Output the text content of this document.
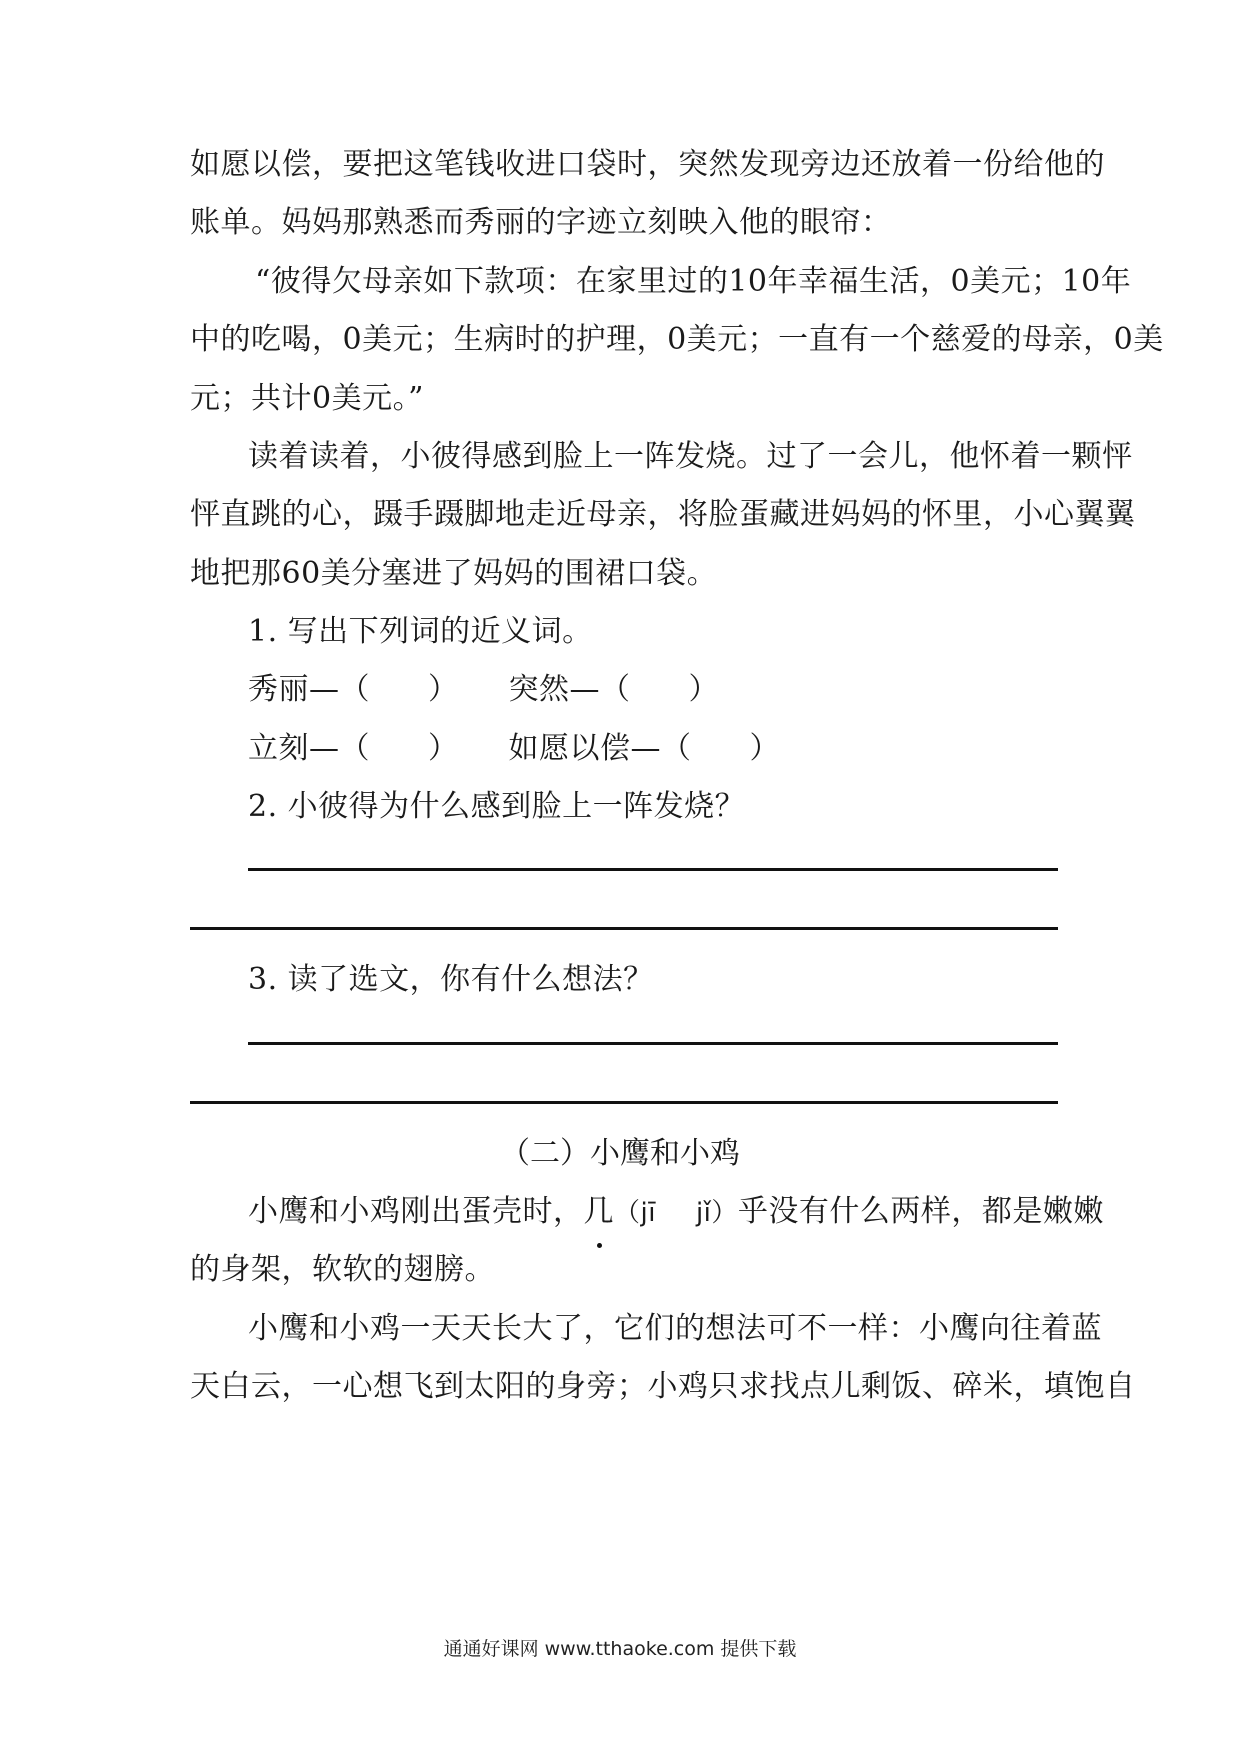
如愿以偿，要把这笔钱收进口袋时，突然发现旁边还放着一份给他的
账单。妈妈那熟悉而秀丽的字迹立刻映入他的眼帘：
“彼得欠母亲如下款项：在家里过的10年幸福生活，0美元；10年
中的吃喝，0美元；生病时的护理，0美元；一直有一个慈爱的母亲，0美
元；共计0美元。”
读着读着，小彼得感到脸上一阵发烧。过了一会儿，他怀着一颗怦
怦直跳的心，蹑手蹑脚地走近母亲，将脸蛋藏进妈妈的怀里，小心翼翼
地把那60美分塞进了妈妈的围裙口袋。
1. 写出下列词的近义词。
秀丽—（ ） 突然—（ ）
立刻—（ ） 如愿以偿—（ ）
2. 小彼得为什么感到脸上一阵发烧？
3. 读了选文，你有什么想法？
（二）小鹰和小鸡
小鹰和小鸡刚出蛋壳时，几（jī jǐ）乎没有什么两样，都是嫩嫩
的身架，软软的翅膀。
小鹰和小鸡一天天长大了，它们的想法可不一样：小鹰向往着蓝
天白云，一心想飞到太阳的身旁；小鸡只求找点儿剩饭、碎米，填饱自
通通好课网 www.tthaoke.com 提供下载
